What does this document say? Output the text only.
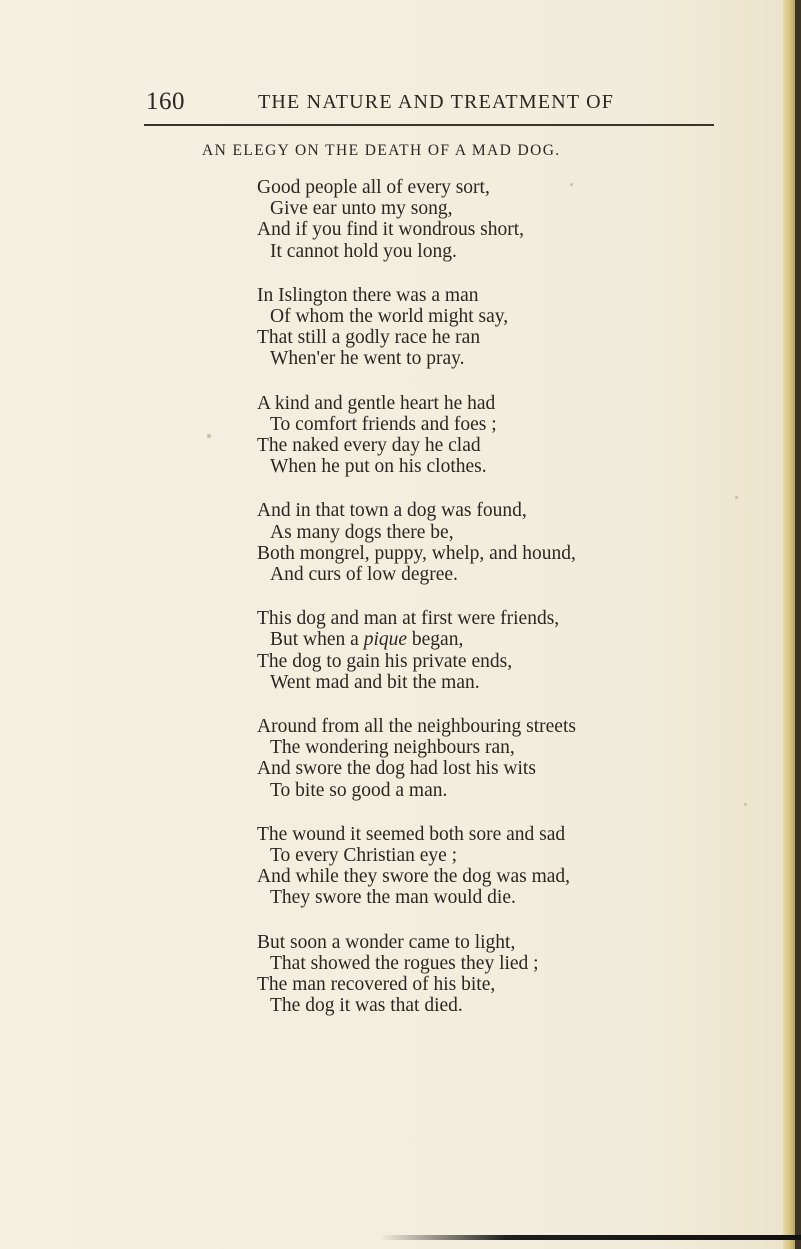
160	THE NATURE AND TREATMENT OF
AN ELEGY ON THE DEATH OF A MAD DOG.
Good people all of every sort,
Give ear unto my song,
And if you find it wondrous short,
It cannot hold you long.
In Islington there was a man
Of whom the world might say,
That still a godly race he ran
When'er he went to pray.
A kind and gentle heart he had
To comfort friends and foes ;
The naked every day he clad
When he put on his clothes.
And in that town a dog was found,
As many dogs there be,
Both mongrel, puppy, whelp, and hound,
And curs of low degree.
This dog and man at first were friends,
But when a pique began,
The dog to gain his private ends,
Went mad and bit the man.
Around from all the neighbouring streets
The wondering neighbours ran,
And swore the dog had lost his wits
To bite so good a man.
The wound it seemed both sore and sad
To every Christian eye ;
And while they swore the dog was mad,
They swore the man would die.
But soon a wonder came to light,
That showed the rogues they lied ;
The man recovered of his bite,
The dog it was that died.
